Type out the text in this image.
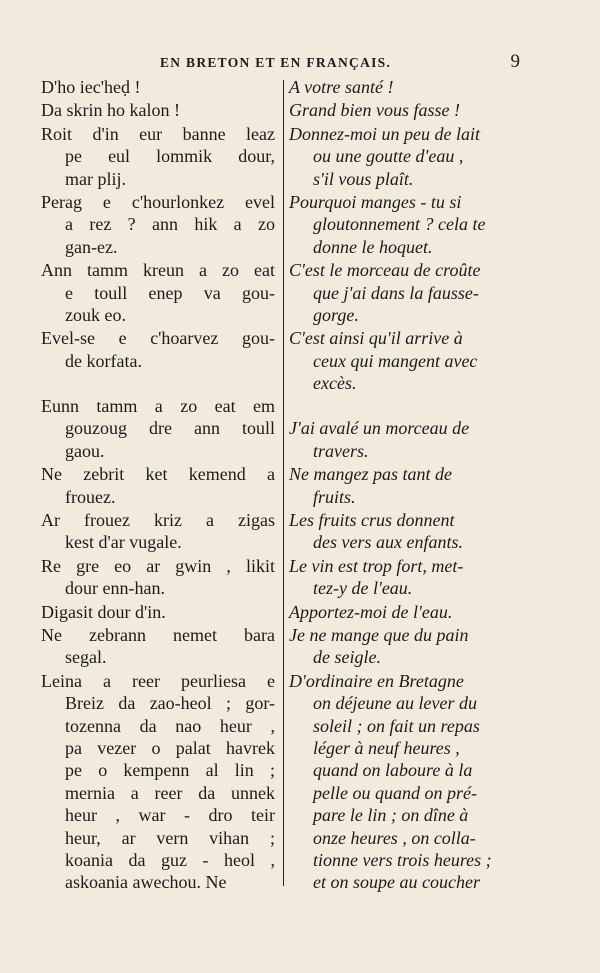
EN BRETON ET EN FRANÇAIS.	9
D'ho iec'heḍ !
Da skrin ho kalon !
Roit d'in eur banne leaz
pe eul lommik dour,
mar plij.
Perag e c'hourlonkez evel
a rez ? ann hik a zo
gan-ez.
Ann tamm kreun a zo eat
e toull enep va gou-
zouk eo.
Evel-se e c'hoarvez gou-
de korfata.
Eunn tamm a zo eat em
gouzoug dre ann toull
gaou.
Ne zebrit ket kemend a
frouez.
Ar frouez kriz a zigas
kest d'ar vugale.
Re gre eo ar gwin , likit
dour enn-han.
Digasit dour d'in.
Ne zebrann nemet bara
segal.
Leina a reer peurliesa e
Breiz da zao-heol ; gor-
tozenna da nao heur ,
pa vezer o palat havrek
pe o kempenn al lin ;
mernia a reer da unnek
heur , war - dro teir
heur, ar vern vihan ;
koania da guz - heol ,
askoania awechou. Ne
A votre santé !
Grand bien vous fasse !
Donnez-moi un peu de lait
ou une goutte d'eau ,
s'il vous plaît.
Pourquoi manges - tu si
gloutonnement ? cela te
donne le hoquet.
C'est le morceau de croûte
que j'ai dans la fausse-
gorge.
C'est ainsi qu'il arrive à
ceux qui mangent avec
excès.
J'ai avalé un morceau de
travers.
Ne mangez pas tant de
fruits.
Les fruits crus donnent
des vers aux enfants.
Le vin est trop fort, met-
tez-y de l'eau.
Apportez-moi de l'eau.
Je ne mange que du pain
de seigle.
D'ordinaire en Bretagne
on déjeune au lever du
soleil ; on fait un repas
léger à neuf heures ,
quand on laboure à la
pelle ou quand on pré-
pare le lin ; on dîne à
onze heures , on colla-
tionne vers trois heures ;
et on soupe au coucher
